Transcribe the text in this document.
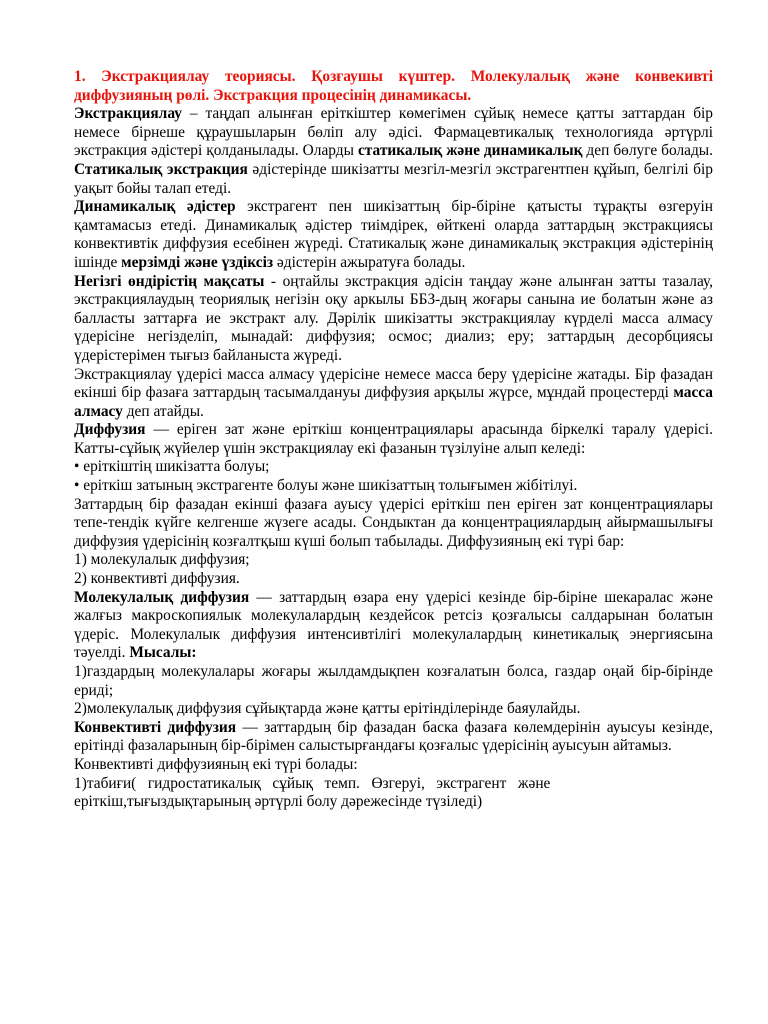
1. Экстракциялау теориясы. Қозғаушы күштер. Молекулалық және конвекивті диффузияның рөлі. Экстракция процесінің динамикасы.

Экстракциялау – таңдап алынған еріткіштер көмегімен сұйық немесе қатты заттардан бір немесе бірнеше құраушыларын бөліп алу әдісі. Фармацевтикалық технологияда әртүрлі экстракция әдістері қолданылады. Оларды статикалық және динамикалық деп бөлуге болады. Статикалық экстракция әдістерінде шикізатты мезгіл-мезгіл экстрагентпен құйып, белгілі бір уақыт бойы талап етеді.

Динамикалық әдістер экстрагент пен шикізаттың бір-біріне қатысты тұрақты өзгеруін қамтамасыз етеді. Динамикалық әдістер тиімдірек, өйткені оларда заттардың экстракциясы конвективтік диффузия есебінен жүреді. Статикалық және динамикалық экстракция әдістерінің ішінде мерзімді және үздіксіз әдістерін ажыратуға болады.

Негізгі өндірістің мақсаты - оңтайлы экстракция әдісін таңдау және алынған затты тазалау, экстракциялаудың теориялық негізін оқу аркылы ББЗ-дың жоғары санына ие болатын және аз балласты заттарға ие экстракт алу. Дәрілік шикізатты экстракциялау күрделі масса алмасу үдерісіне негізделіп, мынадай: диффузия; осмос; диализ; еру; заттардың десорбциясы үдерістерімен тығыз байланыста жүреді.

Экстракциялау үдерісі масса алмасу үдерісіне немесе масса беру үдерісіне жатады. Бір фазадан екінші бір фазаға заттардың тасымалдануы диффузия арқылы жүрсе, мұндай процестерді масса алмасу деп атайды.

Диффузия — еріген зат және еріткіш концентрациялары арасында біркелкі таралу үдерісі. Катты-сұйық жүйелер үшін экстракциялау екі фазанын түзілуіне алып келеді:

• еріткіштің шикізатта болуы;

• еріткіш затының экстрагенте болуы және шикізаттың толығымен жібітілуі.

Заттардың бір фазадан екінші фазаға ауысу үдерісі еріткіш пен еріген зат концентрациялары тепе-тендік күйге келгенше жүзеге асады. Сондыктан да концентрациялардың айырмашылығы диффузия үдерісінің козғалтқыш күші болып табылады. Диффузияның екі түрі бар:

1) молекулалык диффузия;

2) конвективті диффузия.

Молекулалық диффузия — заттардың өзара ену үдерісі кезінде бір-біріне шекаралас және жалғыз макроскопиялык молекулалардың кездейсок ретсіз қозғалысы салдарынан болатын үдеріс. Молекулалык диффузия интенсивтілігі молекулалардың кинетикалық энергиясына тәуелді. Мысалы:

1)газдардың молекулалары жоғары жылдамдықпен козғалатын болса, газдар оңай бір-бірінде ериді;

2)молекулалық диффузия сұйықтарда және қатты ерітінділерінде баяулайды.

Конвективті диффузия — заттардың бір фазадан баска фазаға көлемдерінін ауысуы кезінде, ерітінді фазаларының бір-бірімен салыстырғандағы қозғалыс үдерісінің ауысуын айтамыз.

Конвективті диффузияның екі түрі болады:

1)табиғи(   гидростатикалық   сұйық   темп.   Өзгеруі,   экстрагент   және еріткіш,тығыздықтарының әртүрлі болу дәрежесінде түзіледі)
